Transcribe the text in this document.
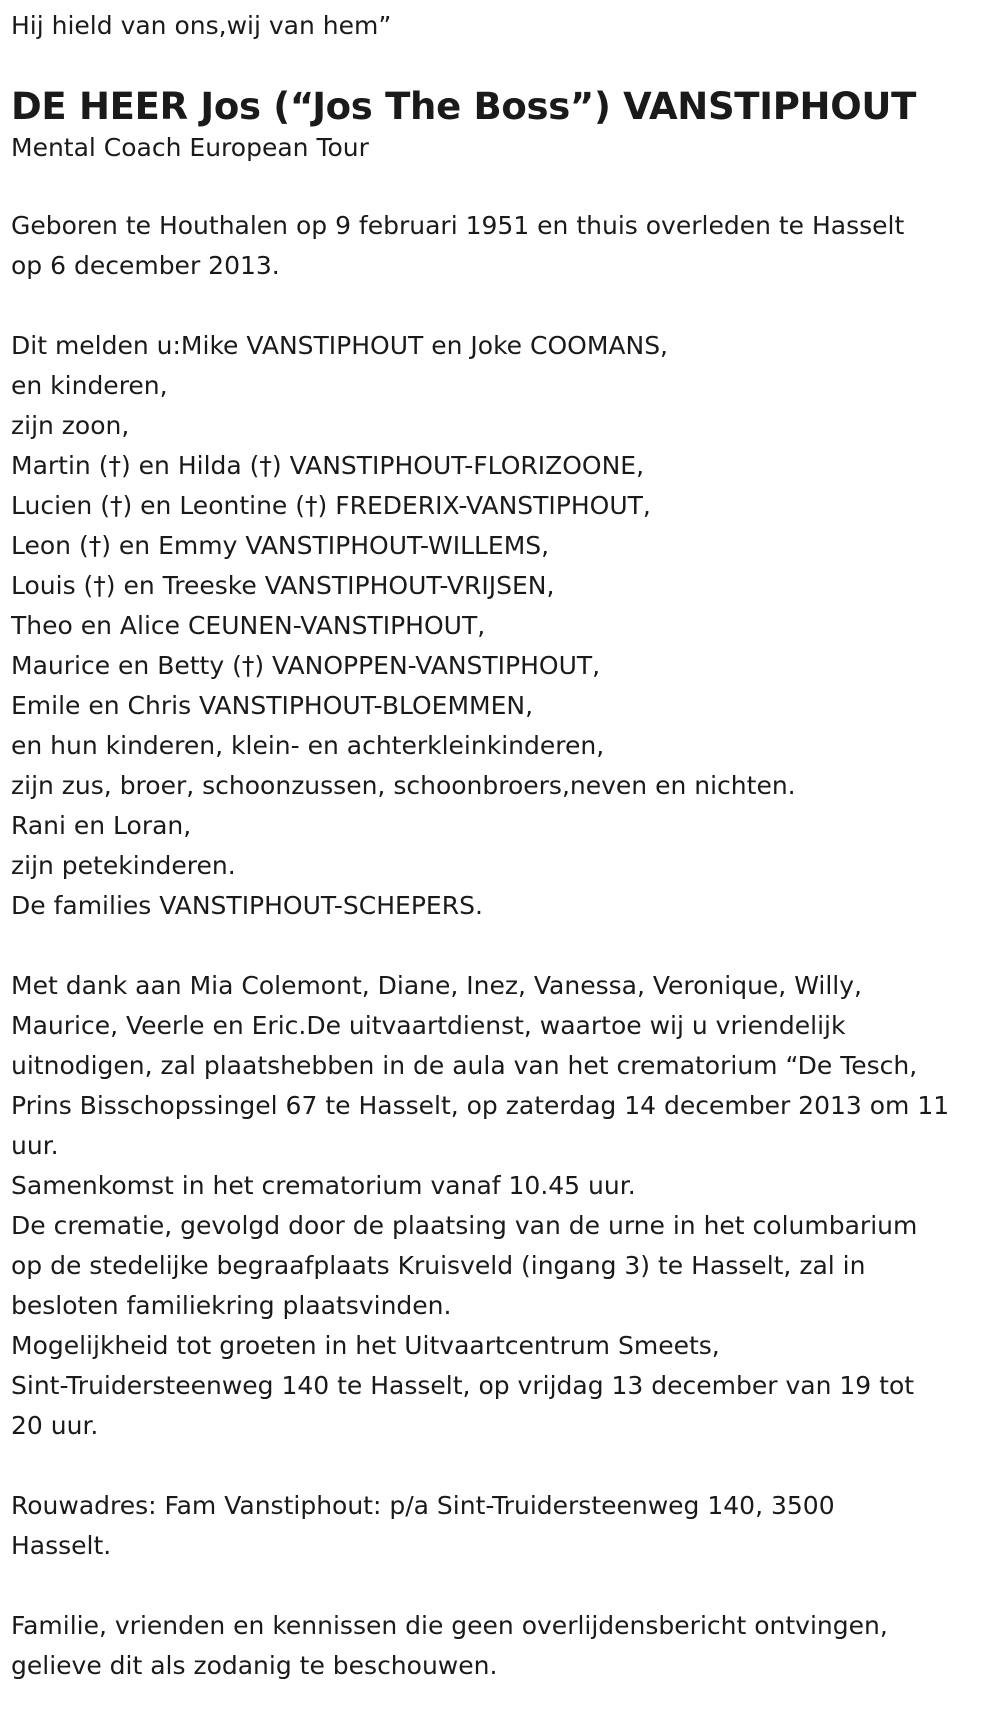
Hij hield van ons,wij van hem”

DE HEER Jos (“Jos The Boss”) VANSTIPHOUT

Mental Coach European Tour

Geboren te Houthalen op 9 februari 1951 en thuis overleden te Hasselt
op 6 december 2013.
Dit melden u:Mike VANSTIPHOUT en Joke COOMANS,
en kinderen,
zijn zoon,
Martin (†) en Hilda (†) VANSTIPHOUT-FLORIZOONE,
Lucien (†) en Leontine (†) FREDERIX-VANSTIPHOUT,
Leon (†) en Emmy VANSTIPHOUT-WILLEMS,
Louis (†) en Treeske VANSTIPHOUT-VRIJSEN,
Theo en Alice CEUNEN-VANSTIPHOUT,
Maurice en Betty (†) VANOPPEN-VANSTIPHOUT,
Emile en Chris VANSTIPHOUT-BLOEMMEN,
en hun kinderen, klein- en achterkleinkinderen,
zijn zus, broer, schoonzussen, schoonbroers,neven en nichten.
Rani en Loran,
zijn petekinderen.
De families VANSTIPHOUT-SCHEPERS.
Met dank aan Mia Colemont, Diane, Inez, Vanessa, Veronique, Willy,
Maurice, Veerle en Eric.De uitvaartdienst, waartoe wij u vriendelijk
uitnodigen, zal plaatshebben in de aula van het crematorium “De Tesch,
Prins Bisschopssingel 67 te Hasselt, op zaterdag 14 december 2013 om 11
uur.
Samenkomst in het crematorium vanaf 10.45 uur.
De crematie, gevolgd door de plaatsing van de urne in het columbarium
op de stedelijke begraafplaats Kruisveld (ingang 3) te Hasselt, zal in
besloten familiekring plaatsvinden.
Mogelijkheid tot groeten in het Uitvaartcentrum Smeets,
Sint-Truidersteenweg 140 te Hasselt, op vrijdag 13 december van 19 tot
20 uur.
Rouwadres: Fam Vanstiphout: p/a Sint-Truidersteenweg 140, 3500
Hasselt.
Familie, vrienden en kennissen die geen overlijdensbericht ontvingen,
gelieve dit als zodanig te beschouwen.
